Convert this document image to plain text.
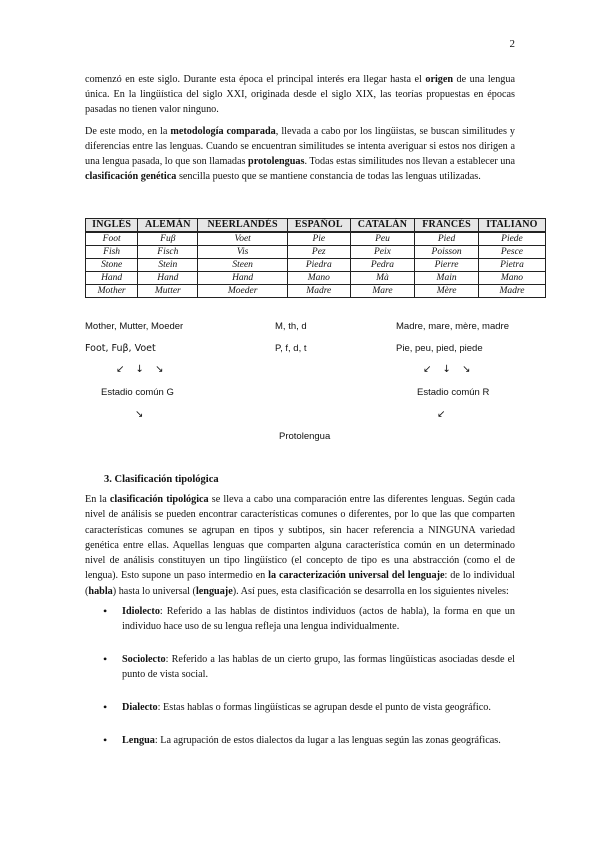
2

comenzó en este siglo. Durante esta época el principal interés era llegar hasta el origen de una lengua única. En la lingüística del siglo XXI, originada desde el siglo XIX, las teorías propuestas en épocas pasadas no tienen valor ninguno.

De este modo, en la metodología comparada, llevada a cabo por los lingüistas, se buscan similitudes y diferencias entre las lenguas. Cuando se encuentran similitudes se intenta averiguar si estos nos dirigen a una lengua pasada, lo que son llamadas protolenguas. Todas estas similitudes nos llevan a establecer una clasificación genética sencilla puesto que se mantiene constancia de todas las lenguas utilizadas.

INGLÉS	ALEMÁN	NEERLANDÉS	ESPAÑOL	CATALÁN	FRANCÉS	ITALIANO
Foot	Fuβ	Voet	Pie	Peu	Pied	Piede
Fish	Fisch	Vis	Pez	Peix	Poisson	Pesce
Stone	Stein	Steen	Piedra	Pedra	Pierre	Pietra
Hand	Hand	Hand	Mano	Mà	Main	Mano
Mother	Mutter	Moeder	Madre	Mare	Mère	Madre
Mother, Mutter, Moeder	M, th, d	Madre, mare, mère, madre
Foot, Fuβ, Voet	P, f, d, t	Pie, peu, pied, piede
↙ ↓ ↘	↙ ↓ ↘
Estadio común G	Estadio común R
↘	↙
Protolengua
3. Clasificación tipológica

En la clasificación tipológica se lleva a cabo una comparación entre las diferentes lenguas. Según cada nivel de análisis se pueden encontrar características comunes o diferentes, por lo que las que comparten características comunes se agrupan en tipos y subtipos, sin hacer referencia a NINGUNA variedad genética entre ellas. Aquellas lenguas que comparten alguna característica común en un determinado nivel de análisis constituyen un tipo lingüístico (el concepto de tipo es una abstracción (como el de lengua). Esto supone un paso intermedio en la caracterización universal del lenguaje: de lo individual (habla) hasta lo universal (lenguaje). Así pues, esta clasificación se desarrolla en los siguientes niveles:

• Idiolecto: Referido a las hablas de distintos individuos (actos de habla), la forma en que un individuo hace uso de su lengua refleja una lengua individualmente.
• Sociolecto: Referido a las hablas de un cierto grupo, las formas lingüísticas asociadas desde el punto de vista social.
• Dialecto: Estas hablas o formas lingüísticas se agrupan desde el punto de vista geográfico.
• Lengua: La agrupación de estos dialectos da lugar a las lenguas según las zonas geográficas.
